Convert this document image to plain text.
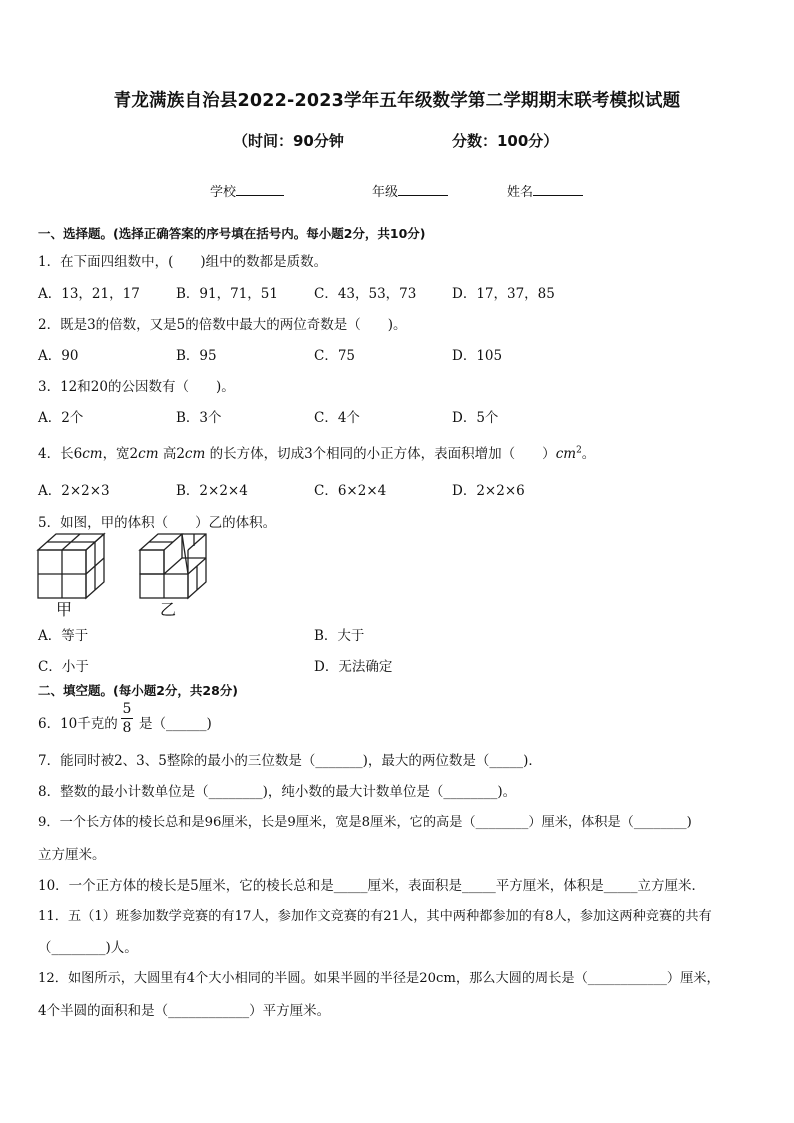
青龙满族自治县2022-2023学年五年级数学第二学期期末联考模拟试题
（时间：90分钟	分数：100分）
学校	年级	姓名
一、选择题。(选择正确答案的序号填在括号内。每小题2分，共10分)
1．在下面四组数中，(　　)组中的数都是质数。
A．13，21，17	B．91，71，51	C．43，53，73	D．17，37，85
2．既是3的倍数，又是5的倍数中最大的两位奇数是（　　)。
A．90	B．95	C．75	D．105
3．12和20的公因数有（　　)。
A．2个	B．3个	C．4个	D．5个
4．长6cm，宽2cm 高2cm 的长方体，切成3个相同的小正方体，表面积增加（　　）$cm^2$。
A．2×2×3	B．2×2×4	C．6×2×4	D．2×2×6
5．如图，甲的体积（　　）乙的体积。
甲	乙
A．等于	B．大于
C．小于	D．无法确定
二、填空题。(每小题2分，共28分)
6．10千克的
5
8 是（______)
7．能同时被2、3、5整除的最小的三位数是（_______)，最大的两位数是（_____)．
8．整数的最小计数单位是（________)，纯小数的最大计数单位是（________)。
9．一个长方体的棱长总和是96厘米，长是9厘米，宽是8厘米，它的高是（________）厘米，体积是（________)
立方厘米。
10．一个正方体的棱长是5厘米，它的棱长总和是_____厘米，表面积是_____平方厘米，体积是_____立方厘米．
11．五（1）班参加数学竞赛的有17人，参加作文竞赛的有21人，其中两种都参加的有8人，参加这两种竞赛的共有
（________)人。
12．如图所示，大圆里有4个大小相同的半圆。如果半圆的半径是20cm，那么大圆的周长是（____________）厘米，
4个半圆的面积和是（____________）平方厘米。
